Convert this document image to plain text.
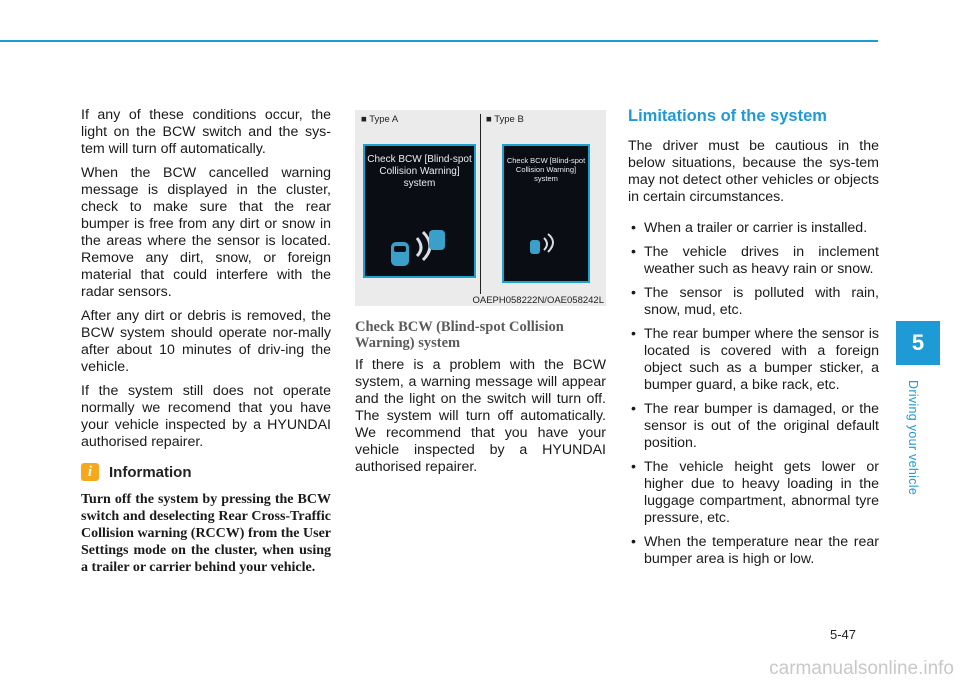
If any of these conditions occur, the light on the BCW switch and the sys-tem will turn off automatically.

When the BCW cancelled warning message is displayed in the cluster, check to make sure that the rear bumper is free from any dirt or snow in the areas where the sensor is located. Remove any dirt, snow, or foreign material that could interfere with the radar sensors.

After any dirt or debris is removed, the BCW system should operate nor-mally after about 10 minutes of driv-ing the vehicle.

If the system still does not operate normally we recomend that you have your vehicle inspected by a HYUNDAI authorised repairer.

i	Information

Turn off the system by pressing the BCW switch and deselecting Rear Cross-Traffic Collision warning (RCCW) from the User Settings mode on the cluster, when using a trailer or carrier behind your vehicle.

■ Type A	■ Type B
Check BCW [Blind-spot Collision Warning] system
Check BCW [Blind-spot Collision Warning] system
OAEPH058222N/OAE058242L
Check BCW (Blind-spot Collision Warning) system

If there is a problem with the BCW system, a warning message will appear and the light on the switch will turn off. The system will turn off automatically. We recommend that you have your vehicle inspected by a HYUNDAI authorised repairer.

Limitations of the system

The driver must be cautious in the below situations, because the sys-tem may not detect other vehicles or objects in certain circumstances.

• When a trailer or carrier is installed.
• The vehicle drives in inclement weather such as heavy rain or snow.
• The sensor is polluted with rain, snow, mud, etc.
• The rear bumper where the sensor is located is covered with a foreign object such as a bumper sticker, a bumper guard, a bike rack, etc.
• The rear bumper is damaged, or the sensor is out of the original default position.
• The vehicle height gets lower or higher due to heavy loading in the luggage compartment, abnormal tyre pressure, etc.
• When the temperature near the rear bumper area is high or low.
5
Driving your vehicle
5-47
carmanualsonline.info
